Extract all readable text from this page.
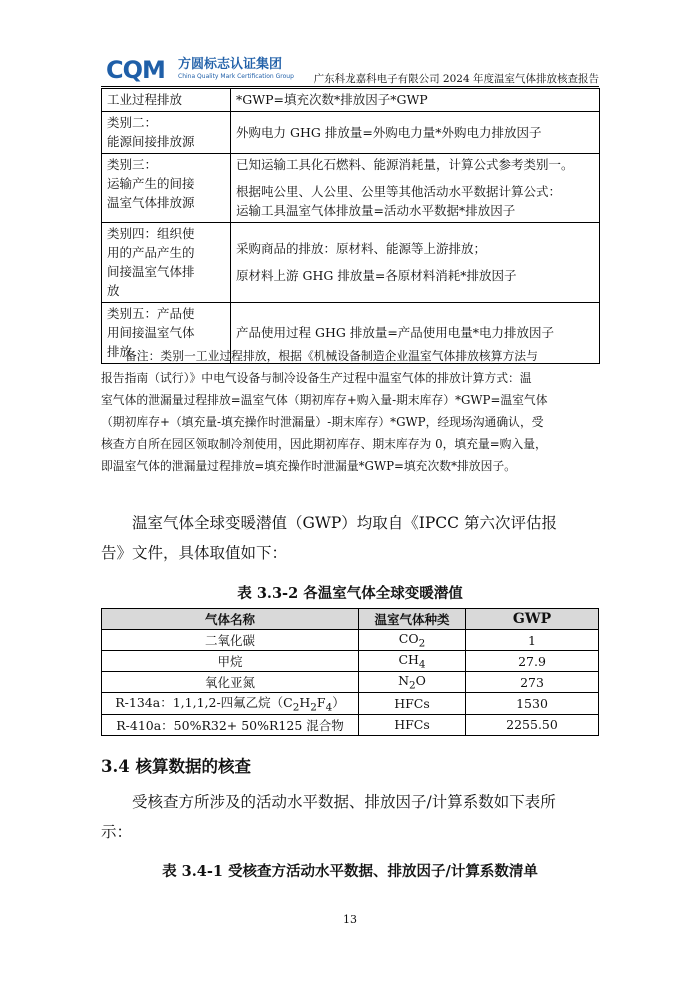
CQM 方圆标志认证集团
China Quality Mark Certification Group 广东科龙嘉科电子有限公司 2024 年度温室气体排放核查报告
工业过程排放	*GWP=填充次数*排放因子*GWP

类别二：
能源间接排放源	外购电力 GHG 排放量=外购电力量*外购电力排放因子

类别三：
运输产生的间接
温室气体排放源	已知运输工具化石燃料、能源消耗量，计算公式参考类别一。
根据吨公里、人公里、公里等其他活动水平数据计算公式：
运输工具温室气体排放量=活动水平数据*排放因子

类别四：组织使
用的产品产生的
间接温室气体排
放	采购商品的排放：原材料、能源等上游排放；
原材料上游 GHG 排放量=各原材料消耗*排放因子

类别五：产品使
用间接温室气体
排放	产品使用过程 GHG 排放量=产品使用电量*电力排放因子
备注：类别一工业过程排放，根据《机械设备制造企业温室气体排放核算方法与
报告指南（试行）》中电气设备与制冷设备生产过程中温室气体的排放计算方式：温
室气体的泄漏量过程排放=温室气体（期初库存+购入量-期末库存）*GWP=温室气体
（期初库存+（填充量-填充操作时泄漏量）-期末库存）*GWP，经现场沟通确认，受
核查方自所在园区领取制冷剂使用，因此期初库存、期末库存为 0，填充量=购入量，
即温室气体的泄漏量过程排放=填充操作时泄漏量*GWP=填充次数*排放因子。
温室气体全球变暖潜值（GWP）均取自《IPCC 第六次评估报
告》文件，具体取值如下：
表 3.3-2 各温室气体全球变暖潜值
气体名称	温室气体种类	GWP
二氧化碳	$CO_2$	1
甲烷	$CH_4$	27.9
氧化亚氮	$N_2O$	273
R-134a：1,1,1,2-四氟乙烷$(C_2H_2F_4)$	HFCs	1530
R-410a：50%R32+ 50%R125 混合物	HFCs	2255.50
3.4 核算数据的核查
受核查方所涉及的活动水平数据、排放因子/计算系数如下表所
示：
表 3.4-1 受核查方活动水平数据、排放因子/计算系数清单
13
